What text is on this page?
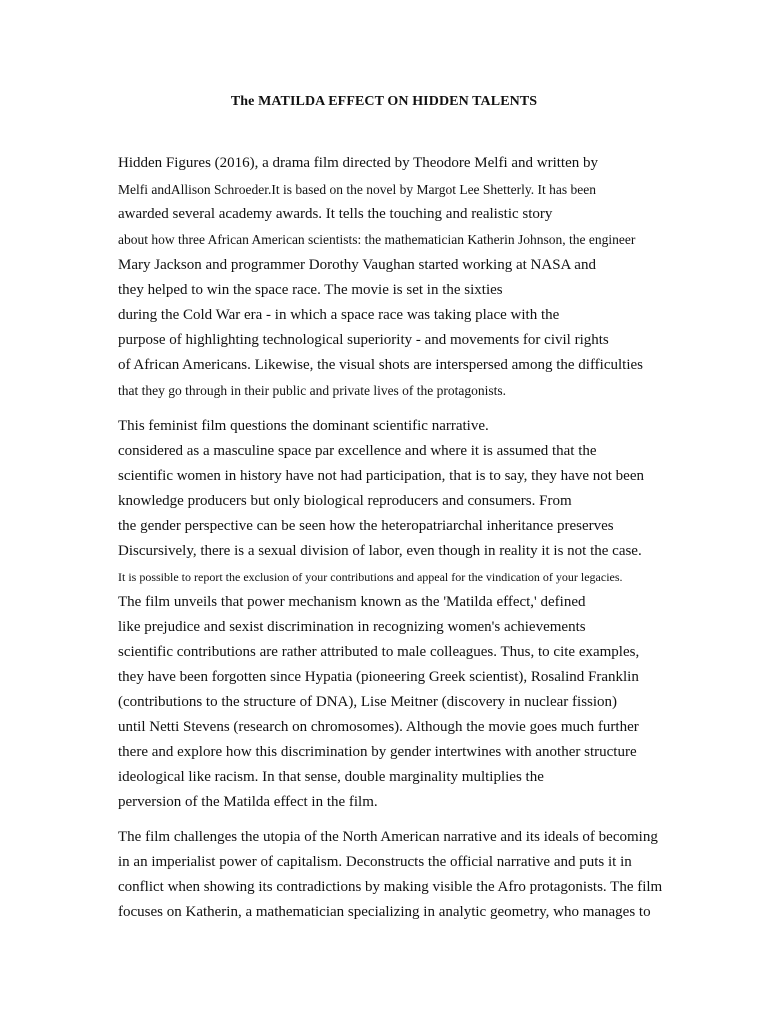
The MATILDA EFFECT ON HIDDEN TALENTS
Hidden Figures (2016), a drama film directed by Theodore Melfi and written by
Melfi andAllison Schroeder.It is based on the novel by Margot Lee Shetterly. It has been
awarded several academy awards. It tells the touching and realistic story
about how three African American scientists: the mathematician Katherin Johnson, the engineer
Mary Jackson and programmer Dorothy Vaughan started working at NASA and
they helped to win the space race. The movie is set in the sixties
during the Cold War era - in which a space race was taking place with the
purpose of highlighting technological superiority - and movements for civil rights
of African Americans. Likewise, the visual shots are interspersed among the difficulties
that they go through in their public and private lives of the protagonists.
This feminist film questions the dominant scientific narrative.
considered as a masculine space par excellence and where it is assumed that the
scientific women in history have not had participation, that is to say, they have not been
knowledge producers but only biological reproducers and consumers. From
the gender perspective can be seen how the heteropatriarchal inheritance preserves
Discursively, there is a sexual division of labor, even though in reality it is not the case.
It is possible to report the exclusion of your contributions and appeal for the vindication of your legacies.
The film unveils that power mechanism known as the 'Matilda effect,' defined
like prejudice and sexist discrimination in recognizing women's achievements
scientific contributions are rather attributed to male colleagues. Thus, to cite examples,
they have been forgotten since Hypatia (pioneering Greek scientist), Rosalind Franklin
(contributions to the structure of DNA), Lise Meitner (discovery in nuclear fission)
until Netti Stevens (research on chromosomes). Although the movie goes much further
there and explore how this discrimination by gender intertwines with another structure
ideological like racism. In that sense, double marginality multiplies the
perversion of the Matilda effect in the film.
The film challenges the utopia of the North American narrative and its ideals of becoming
in an imperialist power of capitalism. Deconstructs the official narrative and puts it in
conflict when showing its contradictions by making visible the Afro protagonists. The film
focuses on Katherin, a mathematician specializing in analytic geometry, who manages to
